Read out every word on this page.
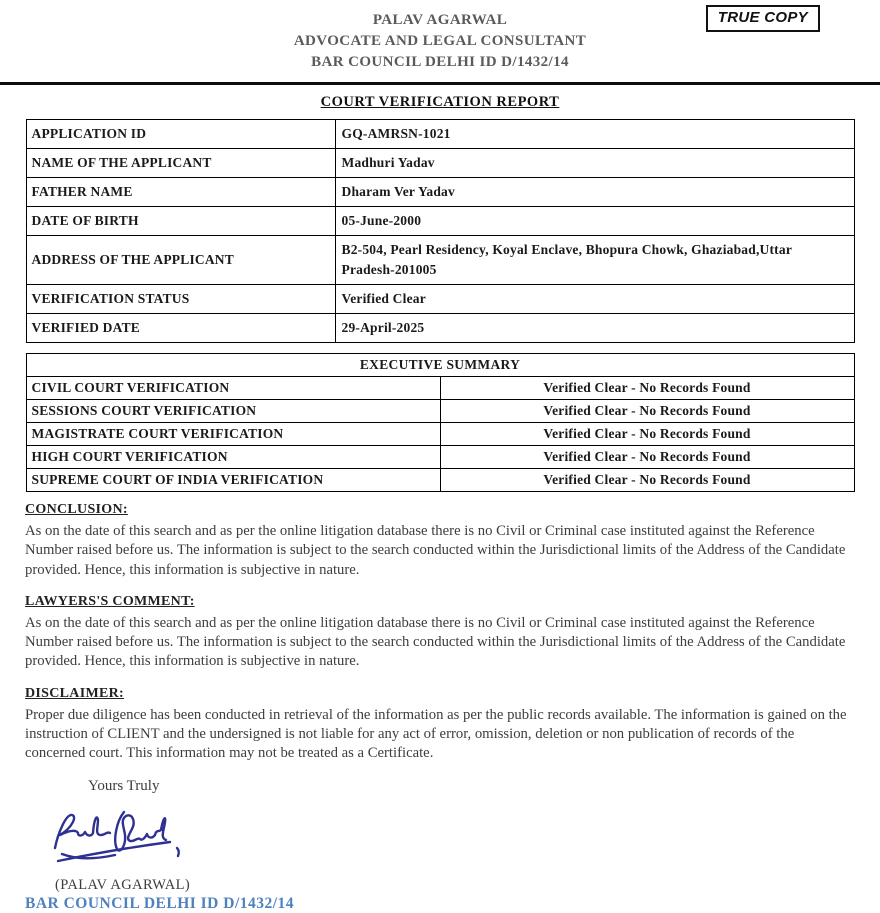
PALAV AGARWAL
ADVOCATE AND LEGAL CONSULTANT
BAR COUNCIL DELHI ID D/1432/14
TRUE COPY
COURT VERIFICATION REPORT
APPLICATION ID	GQ-AMRSN-1021
NAME OF THE APPLICANT	Madhuri Yadav
FATHER NAME	Dharam Ver Yadav
DATE OF BIRTH	05-June-2000
ADDRESS OF THE APPLICANT	B2-504, Pearl Residency, Koyal Enclave, Bhopura Chowk, Ghaziabad,Uttar Pradesh-201005
VERIFICATION STATUS	Verified Clear
VERIFIED DATE	29-April-2025
EXECUTIVE SUMMARY	
CIVIL COURT VERIFICATION	Verified Clear - No Records Found
SESSIONS COURT VERIFICATION	Verified Clear - No Records Found
MAGISTRATE COURT VERIFICATION	Verified Clear - No Records Found
HIGH COURT VERIFICATION	Verified Clear - No Records Found
SUPREME COURT OF INDIA VERIFICATION	Verified Clear - No Records Found
CONCLUSION:
As on the date of this search and as per the online litigation database there is no Civil or Criminal case instituted against the Reference Number raised before us. The information is subject to the search conducted within the Jurisdictional limits of the Address of the Candidate provided. Hence, this information is subjective in nature.
LAWYERS'S COMMENT:
As on the date of this search and as per the online litigation database there is no Civil or Criminal case instituted against the Reference Number raised before us. The information is subject to the search conducted within the Jurisdictional limits of the Address of the Candidate provided. Hence, this information is subjective in nature.
DISCLAIMER:
Proper due diligence has been conducted in retrieval of the information as per the public records available. The information is gained on the instruction of CLIENT and the undersigned is not liable for any act of error, omission, deletion or non publication of records of the concerned court. This information may not be treated as a Certificate.
Yours Truly
(PALAV AGARWAL)
BAR COUNCIL DELHI ID D/1432/14
